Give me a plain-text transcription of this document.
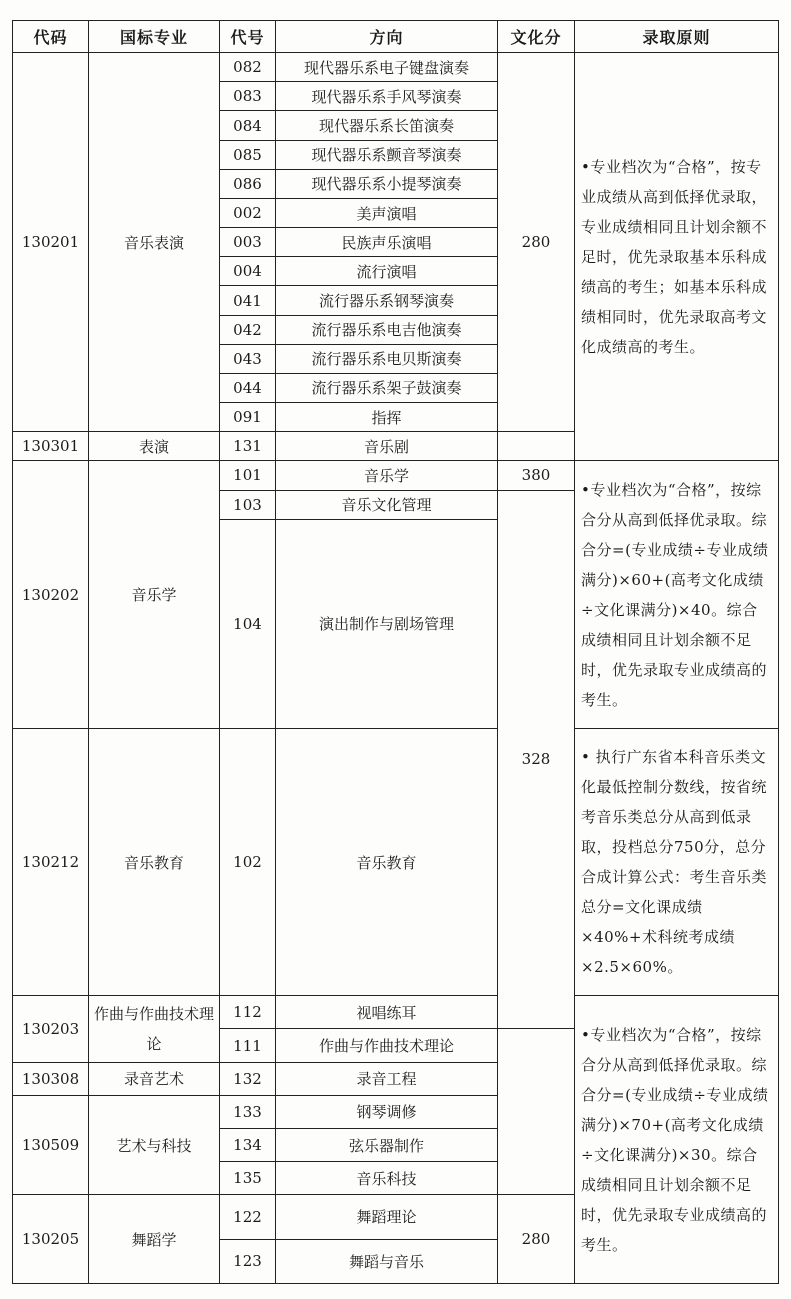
代码	国标专业	代号	方向	文化分	录取原则
130201	音乐表演	082	现代器乐系电子键盘演奏	280	•专业档次为“合格”，按专业成绩从高到低择优录取，专业成绩相同且计划余额不足时，优先录取基本乐科成绩高的考生；如基本乐科成绩相同时，优先录取高考文化成绩高的考生。
		083	现代器乐系手风琴演奏		
		084	现代器乐系长笛演奏		
		085	现代器乐系颤音琴演奏		
		086	现代器乐系小提琴演奏		
		002	美声演唱		
		003	民族声乐演唱		
		004	流行演唱		
		041	流行器乐系钢琴演奏		
		042	流行器乐系电吉他演奏		
		043	流行器乐系电贝斯演奏		
		044	流行器乐系架子鼓演奏		
		091	指挥		
130301	表演	131	音乐剧		
130202	音乐学	101	音乐学	380	•专业档次为“合格”，按综合分从高到低择优录取。综合分=(专业成绩÷专业成绩满分)×60+(高考文化成绩÷文化课满分)×40。综合成绩相同且计划余额不足时，优先录取专业成绩高的考生。
		103	音乐文化管理	328	
		104	演出制作与剧场管理		
130212	音乐教育	102	音乐教育		• 执行广东省本科音乐类文化最低控制分数线，按省统考音乐类总分从高到低录取，投档总分750分，总分合成计算公式：考生音乐类总分=文化课成绩×40%+术科统考成绩×2.5×60%。
130203	作曲与作曲技术理论	112	视唱练耳		•专业档次为“合格”，按综合分从高到低择优录取。综合分=(专业成绩÷专业成绩满分)×70+(高考文化成绩÷文化课满分)×30。综合成绩相同且计划余额不足时，优先录取专业成绩高的考生。
		111	作曲与作曲技术理论		
130308	录音艺术	132	录音工程		
130509	艺术与科技	133	钢琴调修		
		134	弦乐器制作		
		135	音乐科技		
130205	舞蹈学	122	舞蹈理论	280	
		123	舞蹈与音乐		
